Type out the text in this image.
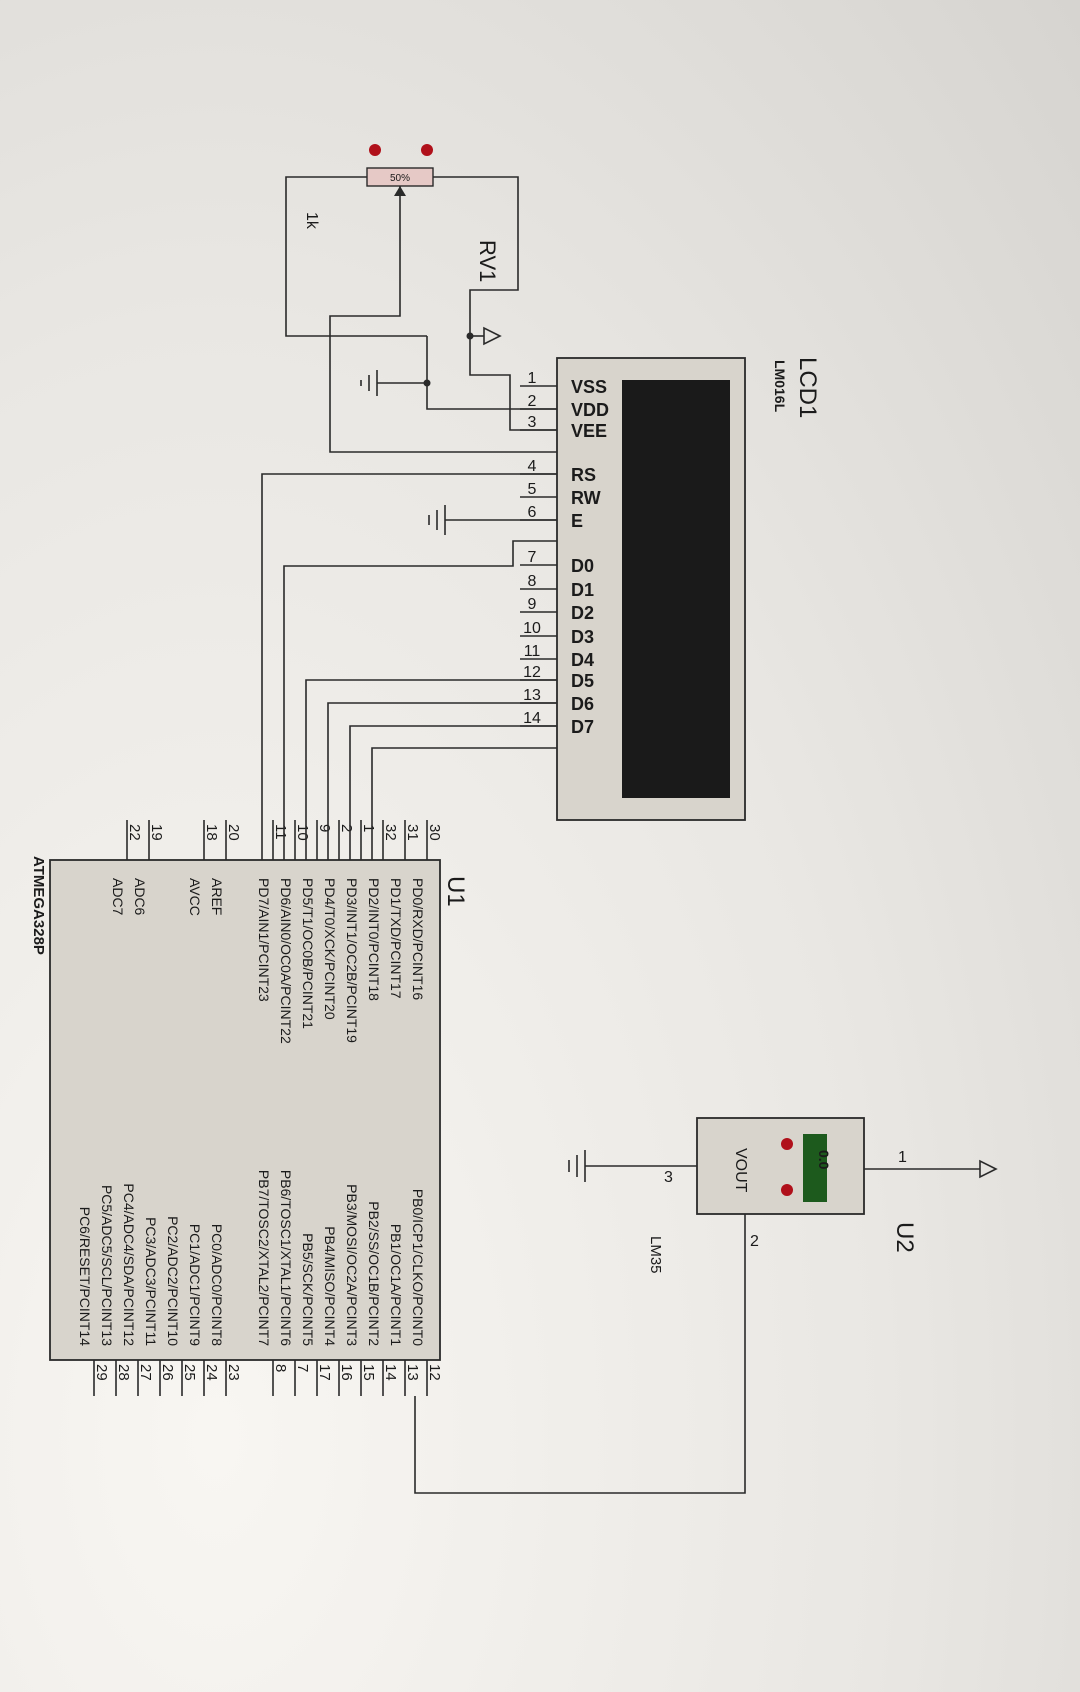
50%
RV1
1k
LCD1
LM016L
1 VSS
2 VDD
3 VEE
4 RS
5 RW
6 E
7 D0
8 D1
9 D2
10 D3
11 D4
12 D5
13 D6
14 D7
0.0
VOUT
U2
LM35
1
2
3
U1
ATMEGA328P
30
PD0/RXD/PCINT16
31
PD1/TXD/PCINT17
32
PD2/INT0/PCINT18
1
PD3/INT1/OC2B/PCINT19
2
PD4/T0/XCK/PCINT20
9
PD5/T1/OC0B/PCINT21
10
PD6/AIN0/OC0A/PCINT22
11
PD7/AIN1/PCINT23
20
AREF
18
AVCC
19
ADC6
22
ADC7
12
PB0/ICP1/CLKO/PCINT0
13
PB1/OC1A/PCINT1
14
PB2/SS/OC1B/PCINT2
15
PB3/MOSI/OC2A/PCINT3
16
PB4/MISO/PCINT4
17
PB5/SCK/PCINT5
7
PB6/TOSC1/XTAL1/PCINT6
8
PB7/TOSC2/XTAL2/PCINT7
23
PC0/ADC0/PCINT8
24
PC1/ADC1/PCINT9
25
PC2/ADC2/PCINT10
26
PC3/ADC3/PCINT11
27
PC4/ADC4/SDA/PCINT12
28
PC5/ADC5/SCL/PCINT13
29
PC6/RESET/PCINT14
